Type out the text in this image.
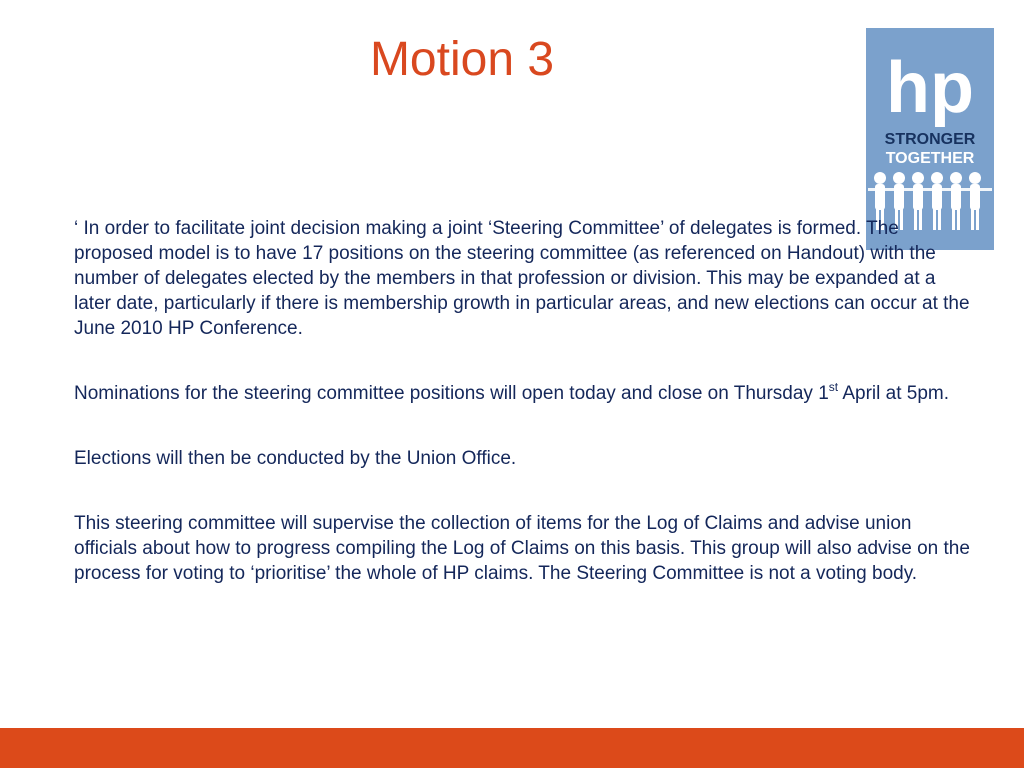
Motion 3	hp
STRONGER
TOGETHER

‘ In order to facilitate joint decision making a joint ‘Steering Committee’ of delegates is formed. The proposed model is to have 17 positions on the steering committee (as referenced on Handout) with the number of delegates elected by the members in that profession or division. This may be expanded at a later date, particularly if there is membership growth in particular areas, and new elections can occur at the June 2010 HP Conference.

Nominations for the steering committee positions will open today and close on Thursday 1st April at 5pm.

Elections will then be conducted by the Union Office.

This steering committee will supervise the collection of items for the Log of Claims and advise union officials about how to progress compiling the Log of Claims on this basis. This group will also advise on the process for voting to ‘prioritise’ the whole of HP claims. The Steering Committee is not a voting body.
